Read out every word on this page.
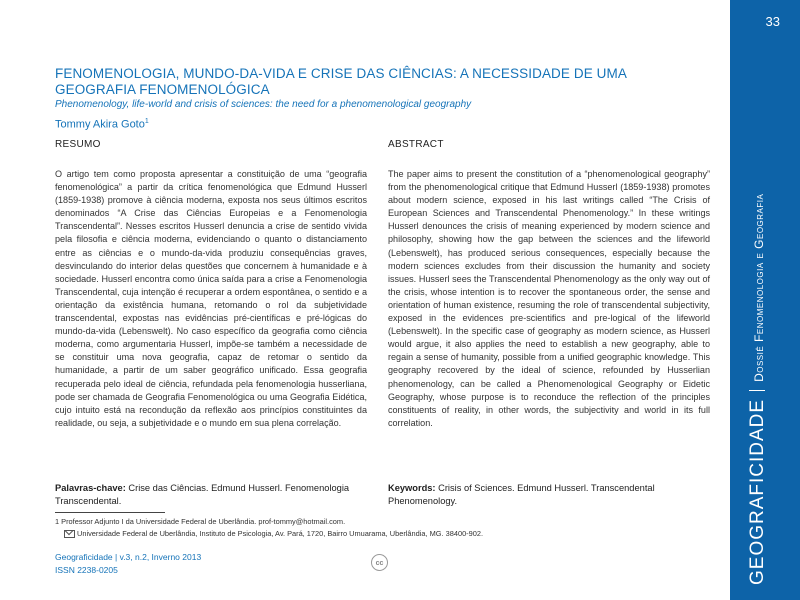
33
GEOGRAFICIDADEDossiê Fenomenologia e Geografia
FENOMENOLOGIA, MUNDO-DA-VIDA E CRISE DAS CIÊNCIAS: A NECESSIDADE DE UMA GEOGRAFIA FENOMENOLÓGICA
Phenomenology, life-world and crisis of sciences: the need for a phenomenological geography
Tommy Akira Goto$^1$
RESUMO	ABSTRACT

O artigo tem como proposta apresentar a constituição de uma “geografia fenomenológica” a partir da crítica fenomenológica que Edmund Husserl (1859-1938) promove à ciência moderna, exposta nos seus últimos escritos denominados “A Crise das Ciências Europeias e a Fenomenologia Transcendental”. Nesses escritos Husserl denuncia a crise de sentido vivida pela filosofia e ciência moderna, evidenciando o quanto o distanciamento entre as ciências e o mundo-da-vida produziu consequências graves, desvinculando do interior delas questões que concernem à humanidade e à sociedade. Husserl encontra como única saída para a crise a Fenomenologia Transcendental, cuja intenção é recuperar a ordem espontânea, o sentido e a orientação da existência humana, retomando o rol da subjetividade transcendental, expostas nas evidências pré-científicas e pré-lógicas do mundo-da-vida (Lebenswelt). No caso específico da geografia como ciência moderna, como argumentaria Husserl, impõe-se também a necessidade de se constituir uma nova geografia, capaz de retomar o sentido da humanidade, a partir de um saber geográfico unificado. Essa geografia recuperada pelo ideal de ciência, refundada pela fenomenologia husserliana, pode ser chamada de Geografia Fenomenológica ou uma Geografia Eidética, cujo intuito está na recondução da reflexão aos princípios constituintes da realidade, ou seja, a subjetividade e o mundo em sua plena correlação.

The paper aims to present the constitution of a “phenomenological geography” from the phenomenological critique that Edmund Husserl (1859-1938) promotes about modern science, exposed in his last writings called “The Crisis of European Sciences and Transcendental Phenomenology.” In these writings Husserl denounces the crisis of meaning experienced by modern science and philosophy, showing how the gap between the sciences and the lifeworld (Lebenswelt), has produced serious consequences, especially because the modern sciences excludes from their discussion the humanity and society issues. Husserl sees the Transcendental Phenomenology as the only way out of the crisis, whose intention is to recover the spontaneous order, the sense and orientation of human existence, resuming the role of transcendental subjectivity, exposed in the evidences pre-scientifics and pre-logical of the lifeworld (Lebenswelt). In the specific case of geography as modern science, as Husserl would argue, it also applies the need to establish a new geography, able to regain a sense of humanity, possible from a unified geographic knowledge. This geography recovered by the ideal of science, refounded by Husserlian phenomenology, can be called a Phenomenological Geography or Eidetic Geography, whose purpose is to reconduce the reflection of the principles constituents of reality, in other words, the subjectivity and world in its full correlation.

Palavras-chave: Crise das Ciências. Edmund Husserl. Fenomenologia Transcendental.

Keywords: Crisis of Sciences. Edmund Husserl. Transcendental Phenomenology.

1 Professor Adjunto I da Universidade Federal de Uberlândia. prof-tommy@hotmail.com.
Universidade Federal de Uberlândia, Instituto de Psicologia, Av. Pará, 1720, Bairro Umuarama, Uberlândia, MG. 38400-902.
Geograficidade | v.3, n.2, Inverno 2013
ISSN 2238-0205
cc
